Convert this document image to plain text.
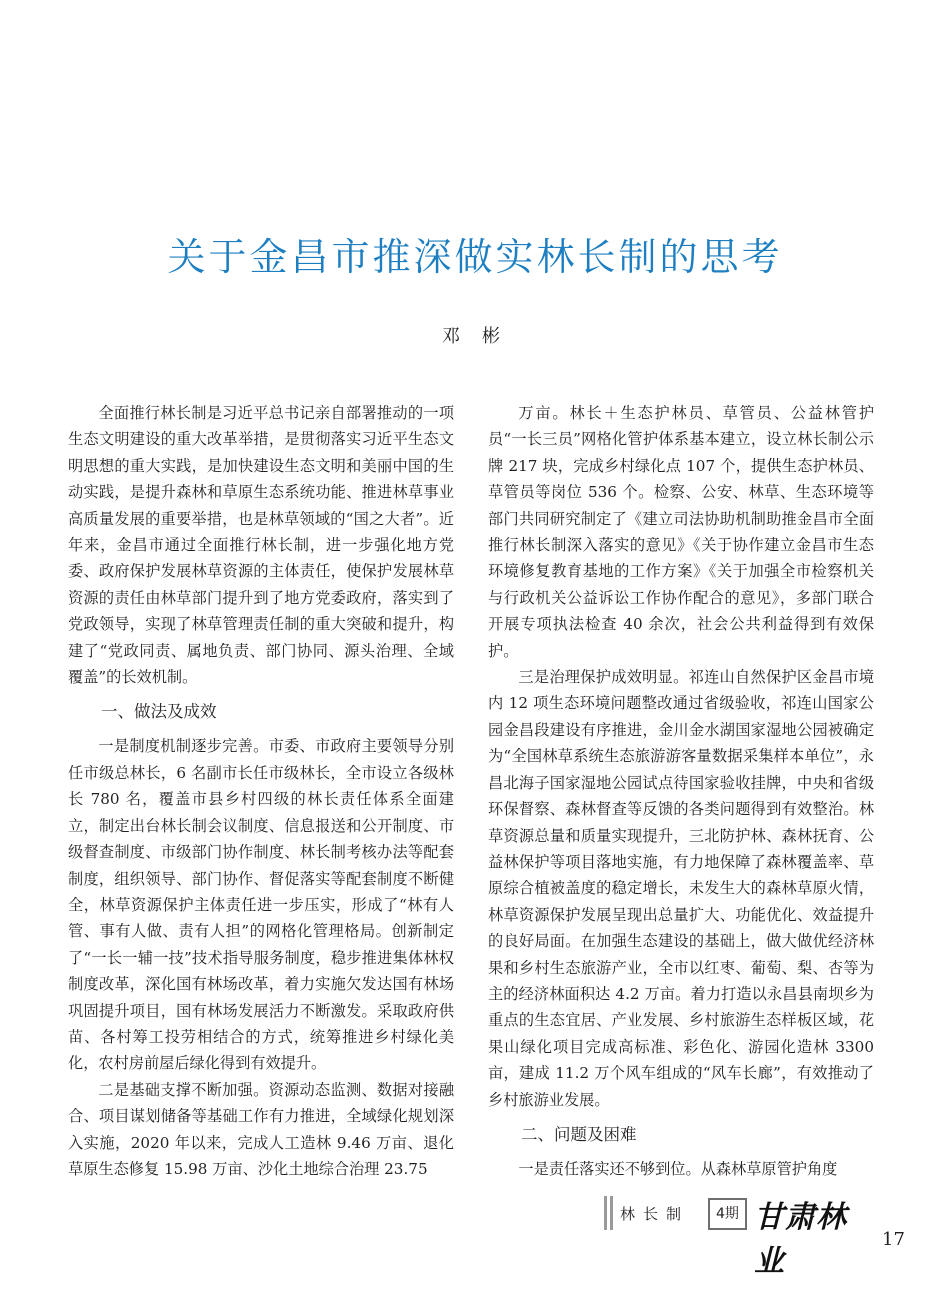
关于金昌市推深做实林长制的思考
邓彬

全面推行林长制是习近平总书记亲自部署推动的一项生态文明建设的重大改革举措，是贯彻落实习近平生态文明思想的重大实践，是加快建设生态文明和美丽中国的生动实践，是提升森林和草原生态系统功能、推进林草事业高质量发展的重要举措，也是林草领域的“国之大者”。近年来，金昌市通过全面推行林长制，进一步强化地方党委、政府保护发展林草资源的主体责任，使保护发展林草资源的责任由林草部门提升到了地方党委政府，落实到了党政领导，实现了林草管理责任制的重大突破和提升，构建了“党政同责、属地负责、部门协同、源头治理、全域覆盖”的长效机制。

一、做法及成效

一是制度机制逐步完善。市委、市政府主要领导分别任市级总林长，6 名副市长任市级林长，全市设立各级林长 780 名，覆盖市县乡村四级的林长责任体系全面建立，制定出台林长制会议制度、信息报送和公开制度、市级督查制度、市级部门协作制度、林长制考核办法等配套制度，组织领导、部门协作、督促落实等配套制度不断健全，林草资源保护主体责任进一步压实，形成了“林有人管、事有人做、责有人担”的网格化管理格局。创新制定了“一长一辅一技”技术指导服务制度，稳步推进集体林权制度改革，深化国有林场改革，着力实施欠发达国有林场巩固提升项目，国有林场发展活力不断激发。采取政府供苗、各村筹工投劳相结合的方式，统筹推进乡村绿化美化，农村房前屋后绿化得到有效提升。

二是基础支撑不断加强。资源动态监测、数据对接融合、项目谋划储备等基础工作有力推进，全域绿化规划深入实施，2020 年以来，完成人工造林 9.46 万亩、退化草原生态修复 15.98 万亩、沙化土地综合治理 23.75

万亩。林长＋生态护林员、草管员、公益林管护员“一长三员”网格化管护体系基本建立，设立林长制公示牌 217 块，完成乡村绿化点 107 个，提供生态护林员、草管员等岗位 536 个。检察、公安、林草、生态环境等部门共同研究制定了《建立司法协助机制助推金昌市全面推行林长制深入落实的意见》《关于协作建立金昌市生态环境修复教育基地的工作方案》《关于加强全市检察机关与行政机关公益诉讼工作协作配合的意见》，多部门联合开展专项执法检查 40 余次，社会公共利益得到有效保护。

三是治理保护成效明显。祁连山自然保护区金昌市境内 12 项生态环境问题整改通过省级验收，祁连山国家公园金昌段建设有序推进，金川金水湖国家湿地公园被确定为“全国林草系统生态旅游游客量数据采集样本单位”，永昌北海子国家湿地公园试点待国家验收挂牌，中央和省级环保督察、森林督查等反馈的各类问题得到有效整治。林草资源总量和质量实现提升，三北防护林、森林抚育、公益林保护等项目落地实施，有力地保障了森林覆盖率、草原综合植被盖度的稳定增长，未发生大的森林草原火情，林草资源保护发展呈现出总量扩大、功能优化、效益提升的良好局面。在加强生态建设的基础上，做大做优经济林果和乡村生态旅游产业，全市以红枣、葡萄、梨、杏等为主的经济林面积达 4.2 万亩。着力打造以永昌县南坝乡为重点的生态宜居、产业发展、乡村旅游生态样板区域，花果山绿化项目完成高标准、彩色化、游园化造林 3300 亩，建成 11.2 万个风车组成的“风车长廊”，有效推动了乡村旅游业发展。

二、问题及困难

一是责任落实还不够到位。从森林草原管护角度

林长制	4期 甘肃林业
17
